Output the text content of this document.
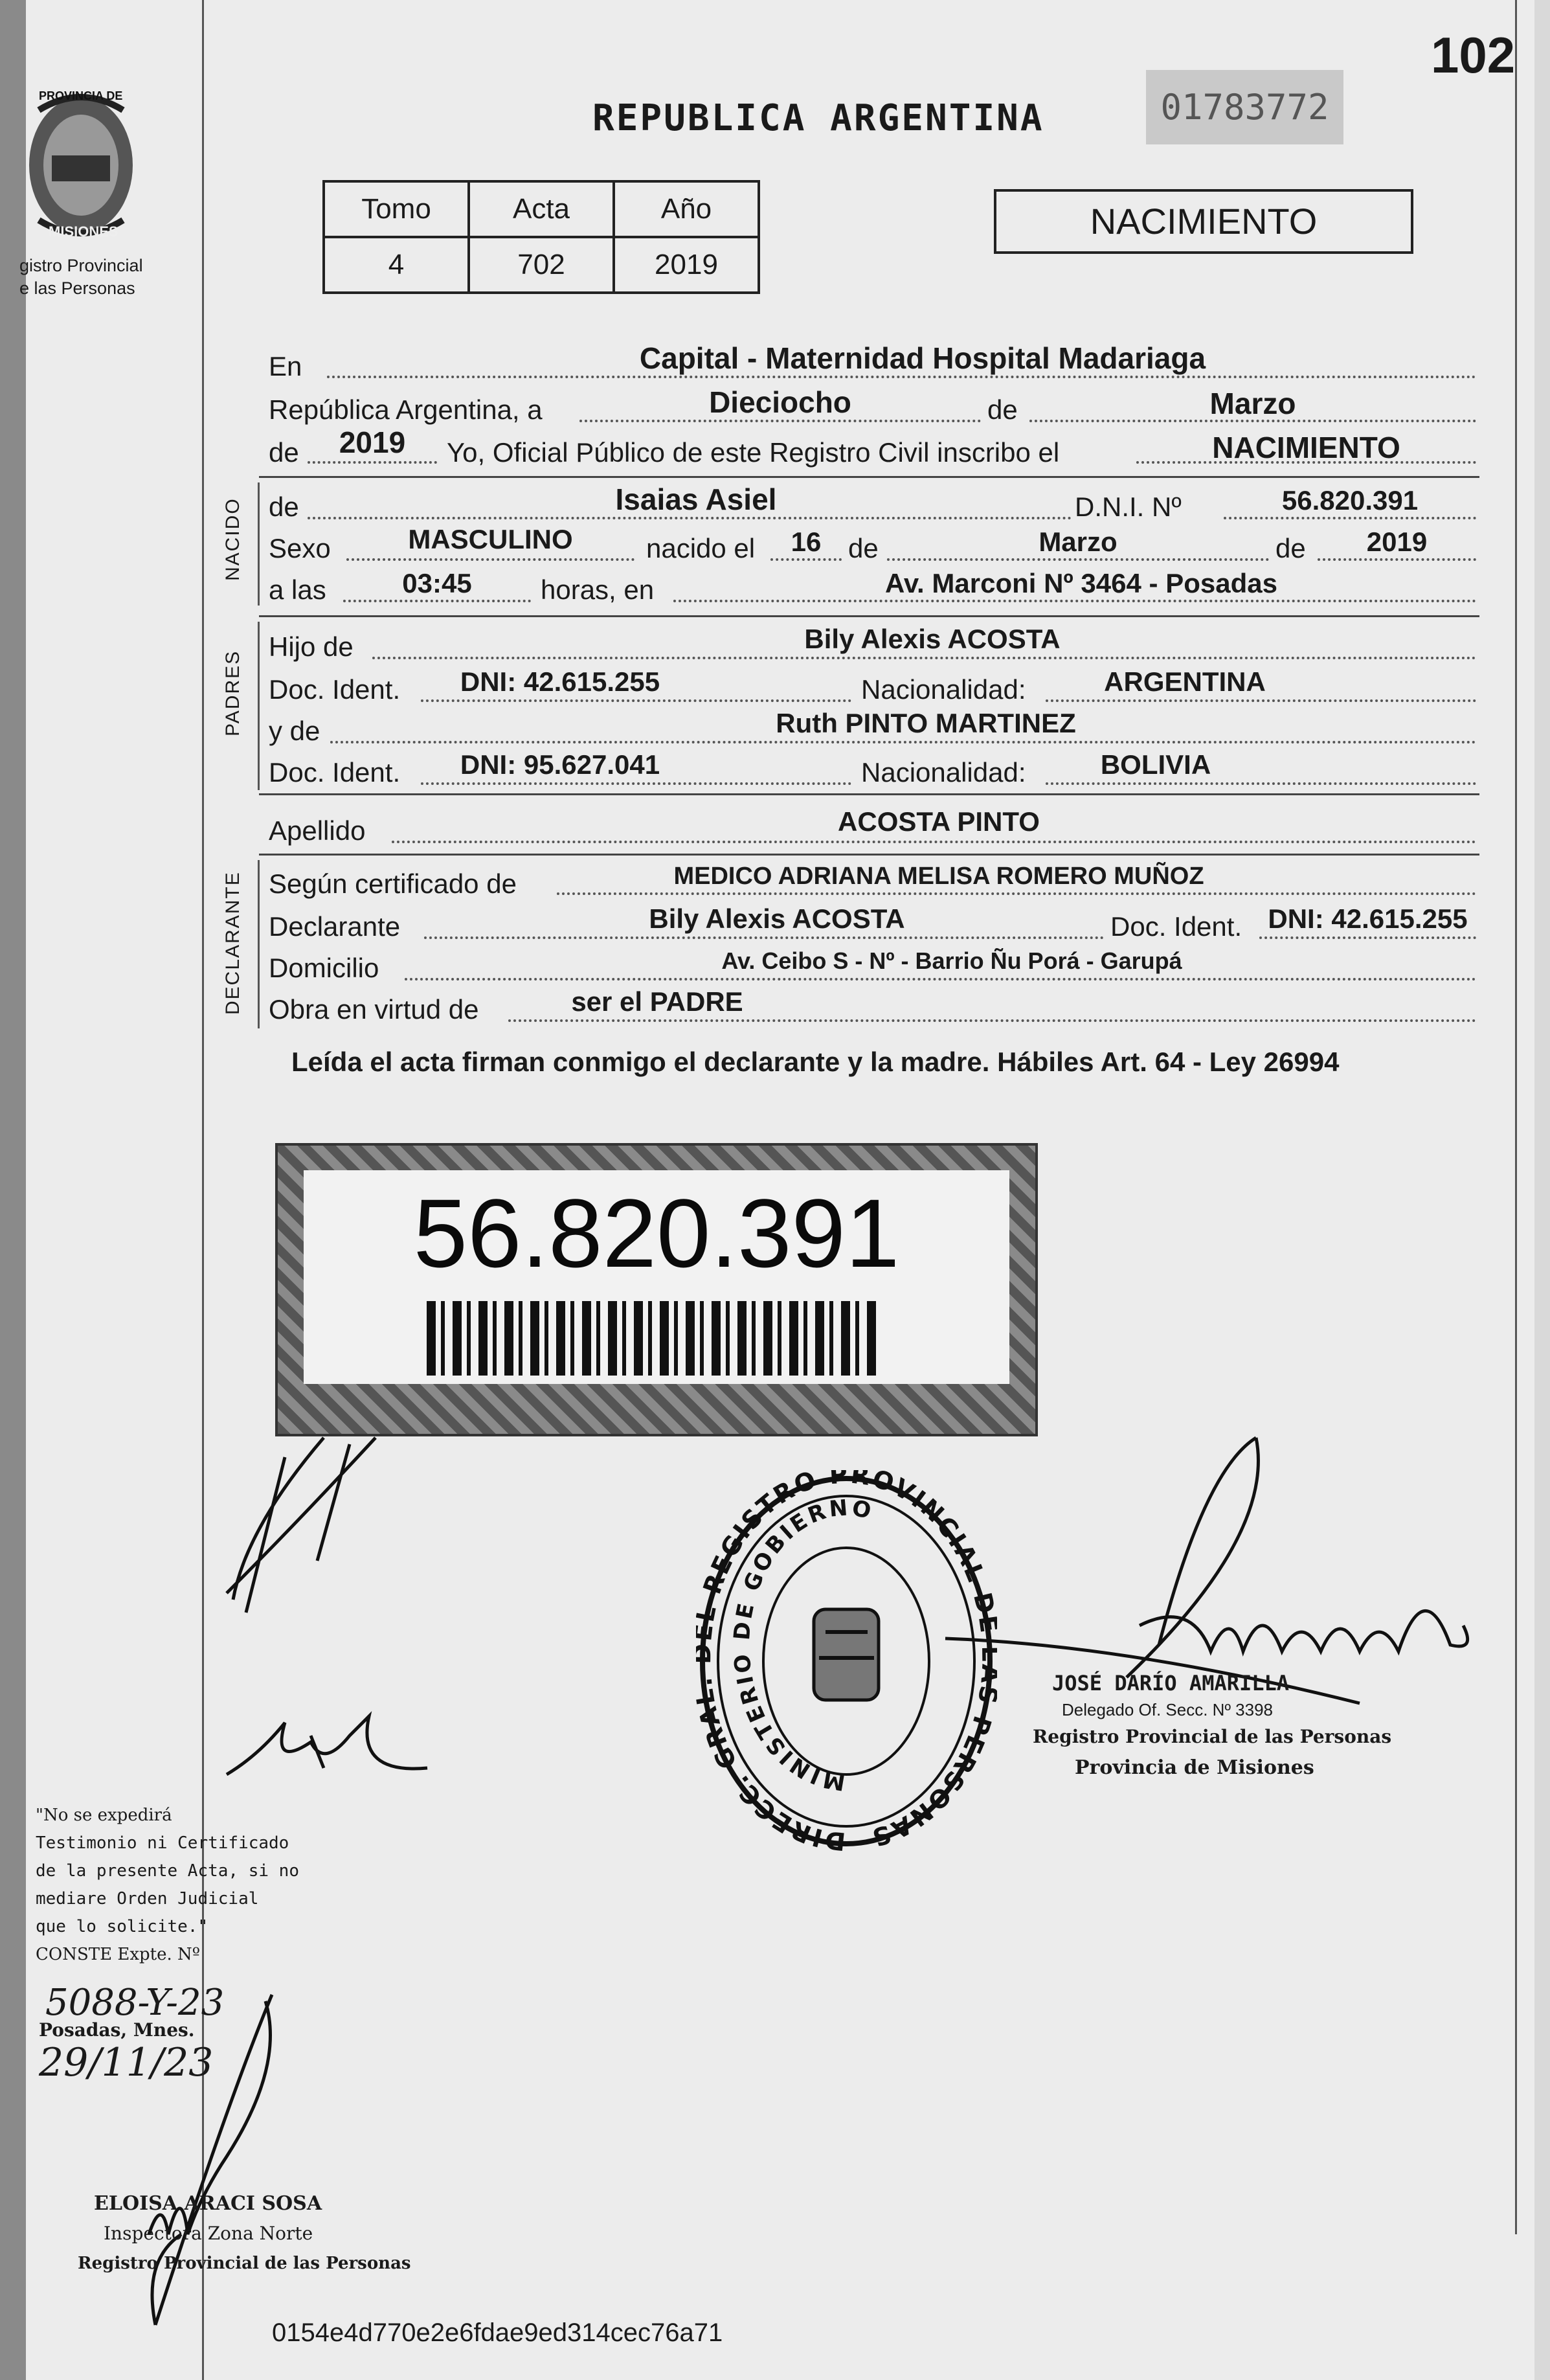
102
PROVINCIA DE
MISIONES
gistro Provincial
e las Personas
REPUBLICA ARGENTINA	01783772
Tomo	Acta	Año
4	702	2019
NACIMIENTO
En	Capital - Maternidad Hospital Madariaga
República Argentina, a	Dieciocho	de	Marzo
de	2019	Yo, Oficial Público de este Registro Civil inscribo el	NACIMIENTO
NACIDO de	Isaias Asiel	D.N.I. Nº	56.820.391
Sexo	MASCULINO	nacido el	16 de	Marzo	de	2019
a las	03:45	horas, en	Av. Marconi Nº 3464 - Posadas
PADRES
Hijo de	Bily Alexis ACOSTA
Doc. Ident.	DNI: 42.615.255	Nacionalidad:	ARGENTINA
y de	Ruth PINTO MARTINEZ
Doc. Ident.	DNI: 95.627.041	Nacionalidad:	BOLIVIA
Apellido	ACOSTA PINTO
DECLARANTE Según certificado de	MEDICO ADRIANA MELISA ROMERO MUÑOZ
Declarante	Bily Alexis ACOSTA	Doc. Ident. DNI: 42.615.255
Domicilio	Av. Ceibo S - Nº - Barrio Ñu Porá - Garupá
Obra en virtud de	ser el PADRE
Leída el acta firman conmigo el declarante y la madre. Hábiles Art. 64 - Ley 26994
56.820.391
DIRECC. GRA REGISTRO PROVINCIAL PERSONAS
MINISTERIO DE GOBIERNO
JOSÉ DARÍO AMARILLA
Delegado Of. Secc. Nº 3398
Registro Provincial de las Personas
Provincia de Misiones
"No se expedirá
Testimonio ni Certificado
de la presente Acta, si no
mediare Orden Judicial
que lo solicite."
CONSTE Expte. Nº
5088-Y-23
Posadas, Mnes.
29/11/23
ELOISA ARACI SOSA
Inspectora Zona Norte
Registro Provincial de las Personas
0154e4d770e2e6fdae9ed314cec76a71
